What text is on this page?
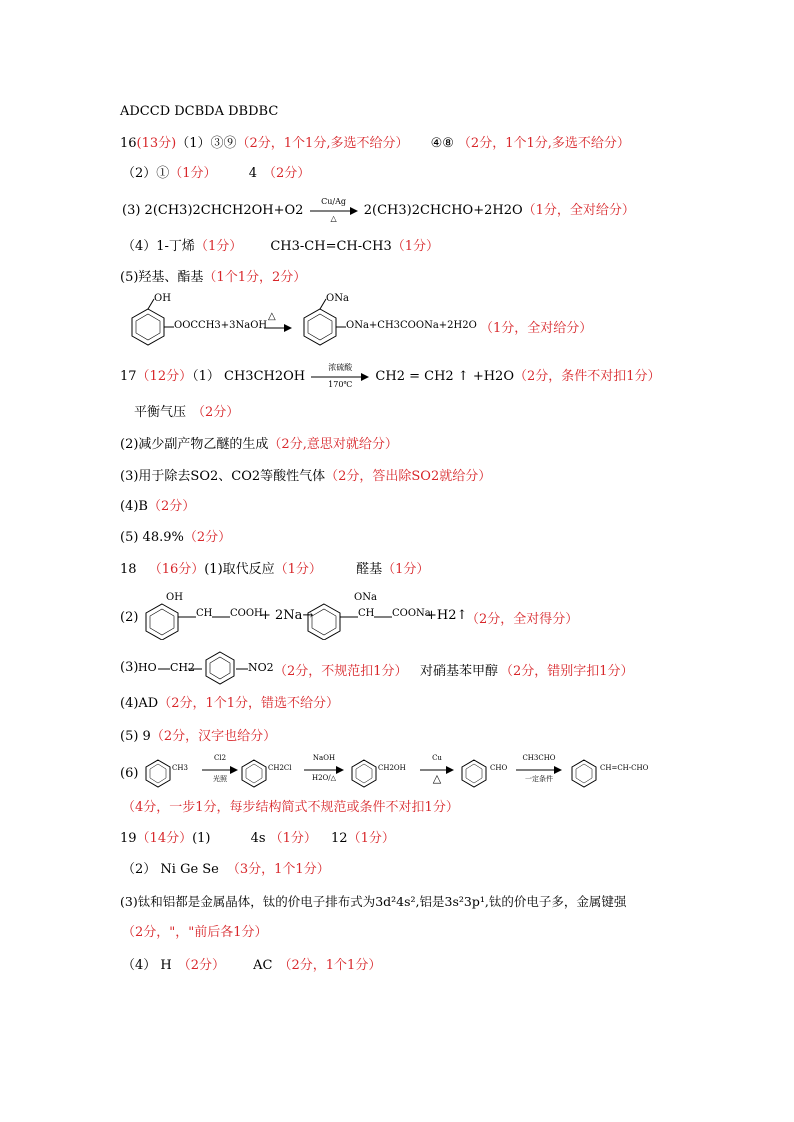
ADCCD DCBDA DBDBC
16(13分)（1）③⑨（2分，1个1分,多选不给分） ④⑧ （2分，1个1分,多选不给分）
（2）①（1分） 4 （2分）
(3) 2(CH3)2CHCH2OH+O2
Cu/Ag
△	2(CH3)2CHCHO+2H2O（1分，全对给分）
（4）1-丁烯（1分） CH3-CH=CH-CH3（1分）
(5)羟基、酯基（1个1分，2分）
OH
OOCCH3+3NaOH
△
ONa
ONa+CH3COONa+2H2O （1分，全对给分）
17（12分）（1） CH3CH2OH
浓硫酸
170℃	CH2 = CH2 ↑ +H2O（2分，条件不对扣1分）
平衡气压 （2分）
(2)减少副产物乙醚的生成（2分,意思对就给分）
(3)用于除去SO2、CO2等酸性气体（2分，答出除SO2就给分）
(4)B（2分）
(5) 48.9%（2分）
18 （16分）(1)取代反应（1分）	醛基（1分）
(2)
OH
CH COOH
+ 2Na→
ONa
CH COONa
+H2↑
（2分，全对得分）
(3) HO CH2	NO2 （2分，不规范扣1分） 对硝基苯甲醇 （2分，错别字扣1分）
(4)AD（2分，1个1分，错选不给分）
(5) 9（2分，汉字也给分）
(6)	CH3
Cl2
光照
CH2Cl
NaOH
H2O/△
CH2OH
Cu
△
CHO
CH3CHO
一定条件
CH=CH-CHO
（4分，一步1分，每步结构简式不规范或条件不对扣1分）
19（14分）(1)	4s （1分） 12（1分）
（2） Ni Ge Se （3分，1个1分）
(3)钛和铝都是金属晶体，钛的价电子排布式为3d²4s²,铝是3s²3p¹,钛的价电子多，金属键强
（2分，"，"前后各1分）
（4） H （2分） AC （2分，1个1分）
